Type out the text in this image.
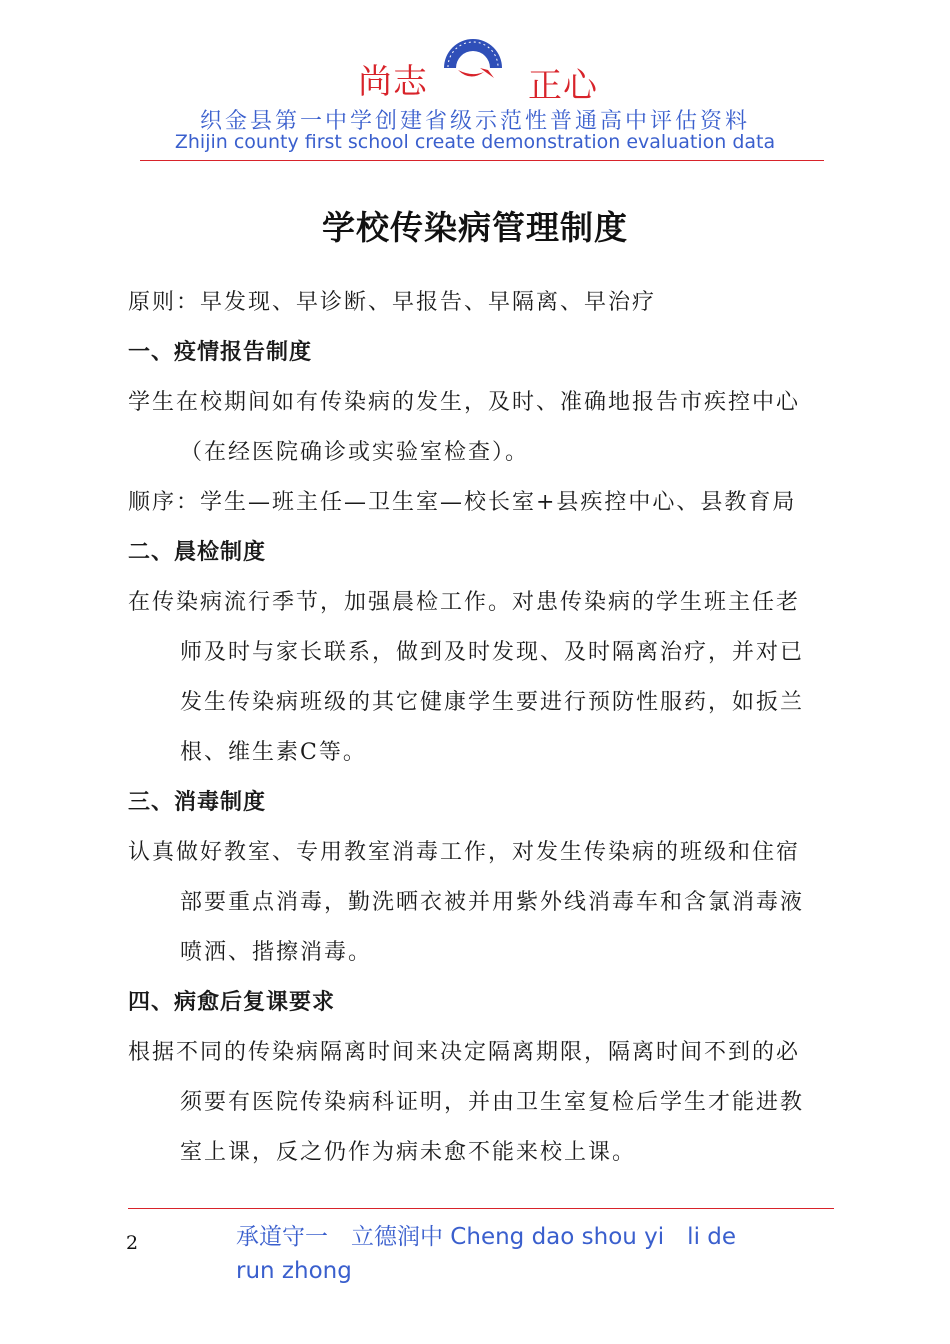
尚志	正心
织金县第一中学创建省级示范性普通高中评估资料
Zhijin county first school create demonstration evaluation data
学校传染病管理制度
原则：早发现、早诊断、早报告、早隔离、早治疗
一、疫情报告制度
学生在校期间如有传染病的发生，及时、准确地报告市疾控中心
（在经医院确诊或实验室检查）。
顺序：学生—班主任—卫生室—校长室+县疾控中心、县教育局
二、晨检制度
在传染病流行季节，加强晨检工作。对患传染病的学生班主任老
师及时与家长联系，做到及时发现、及时隔离治疗，并对已
发生传染病班级的其它健康学生要进行预防性服药，如扳兰
根、维生素C等。
三、消毒制度
认真做好教室、专用教室消毒工作，对发生传染病的班级和住宿
部要重点消毒，勤洗晒衣被并用紫外线消毒车和含氯消毒液
喷洒、揩擦消毒。
四、病愈后复课要求
根据不同的传染病隔离时间来决定隔离期限，隔离时间不到的必
须要有医院传染病科证明，并由卫生室复检后学生才能进教
室上课，反之仍作为病未愈不能来校上课。
2	承道守一　立德润中 Cheng dao shou yi　li de run zhong
